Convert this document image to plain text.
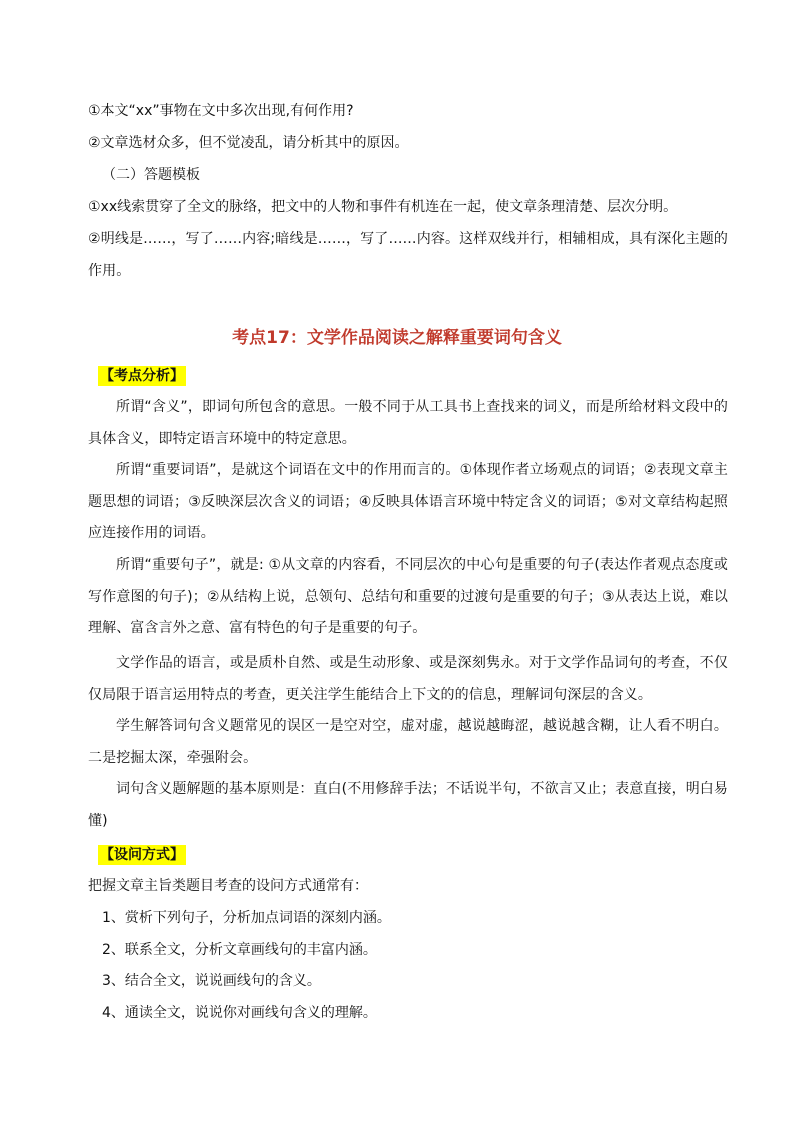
①本文“xx”事物在文中多次出现,有何作用?
②文章选材众多，但不觉凌乱，请分析其中的原因。
（二）答题模板
①xx线索贯穿了全文的脉络，把文中的人物和事件有机连在一起，使文章条理清楚、层次分明。
②明线是……，写了……内容;暗线是……，写了……内容。这样双线并行，相辅相成，具有深化主题的作用。
考点17：文学作品阅读之解释重要词句含义
【考点分析】
所谓“含义”，即词句所包含的意思。一般不同于从工具书上查找来的词义，而是所给材料文段中的具体含义，即特定语言环境中的特定意思。
所谓“重要词语”，是就这个词语在文中的作用而言的。①体现作者立场观点的词语；②表现文章主题思想的词语；③反映深层次含义的词语；④反映具体语言环境中特定含义的词语；⑤对文章结构起照应连接作用的词语。
所谓“重要句子”，就是: ①从文章的内容看，不同层次的中心句是重要的句子(表达作者观点态度或写作意图的句子)；②从结构上说，总领句、总结句和重要的过渡句是重要的句子；③从表达上说，难以理解、富含言外之意、富有特色的句子是重要的句子。
文学作品的语言，或是质朴自然、或是生动形象、或是深刻隽永。对于文学作品词句的考查，不仅仅局限于语言运用特点的考查，更关注学生能结合上下文的的信息，理解词句深层的含义。
学生解答词句含义题常见的误区一是空对空，虚对虚，越说越晦涩，越说越含糊，让人看不明白。二是挖掘太深，牵强附会。
词句含义题解题的基本原则是：直白(不用修辞手法；不话说半句，不欲言又止；表意直接，明白易懂)
【设问方式】
把握文章主旨类题目考查的设问方式通常有：
1、赏析下列句子，分析加点词语的深刻内涵。
2、联系全文，分析文章画线句的丰富内涵。
3、结合全文，说说画线句的含义。
4、通读全文，说说你对画线句含义的理解。
